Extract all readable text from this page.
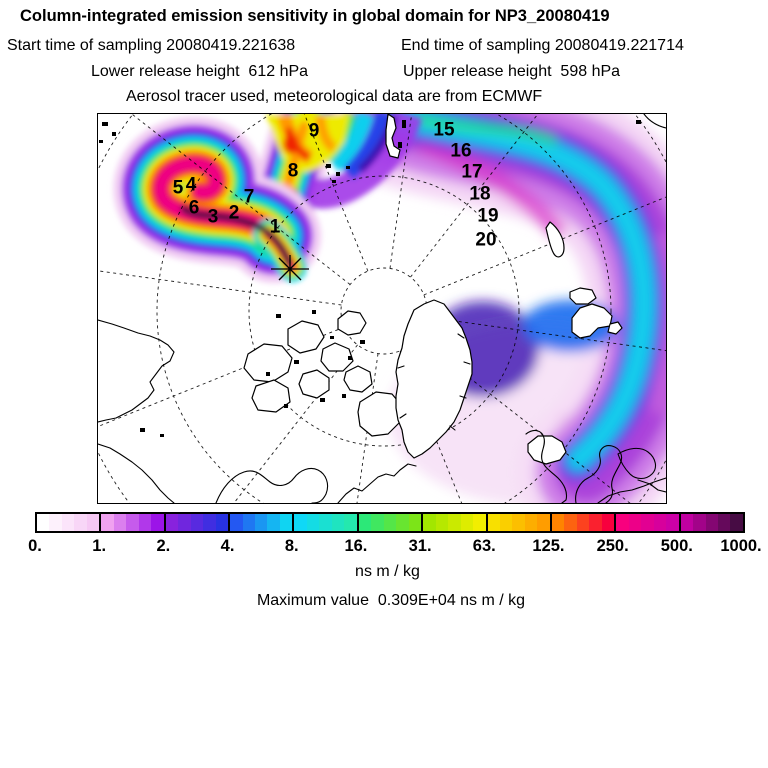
Column-integrated emission sensitivity in global domain for NP3_20080419
Start time of sampling 20080419.221638	End time of sampling 20080419.221714
Lower release height  612 hPa	Upper release height  598 hPa
Aerosol tracer used, meteorological data are from ECMWF
1
2
3
4
5
6
7
8
9	15
16
17
18
19
20
0.	1.	2.	4.	8.	16. 31.	63. 125. 250. 500. 1000.
ns m / kg
Maximum value  0.309E+04 ns m / kg
